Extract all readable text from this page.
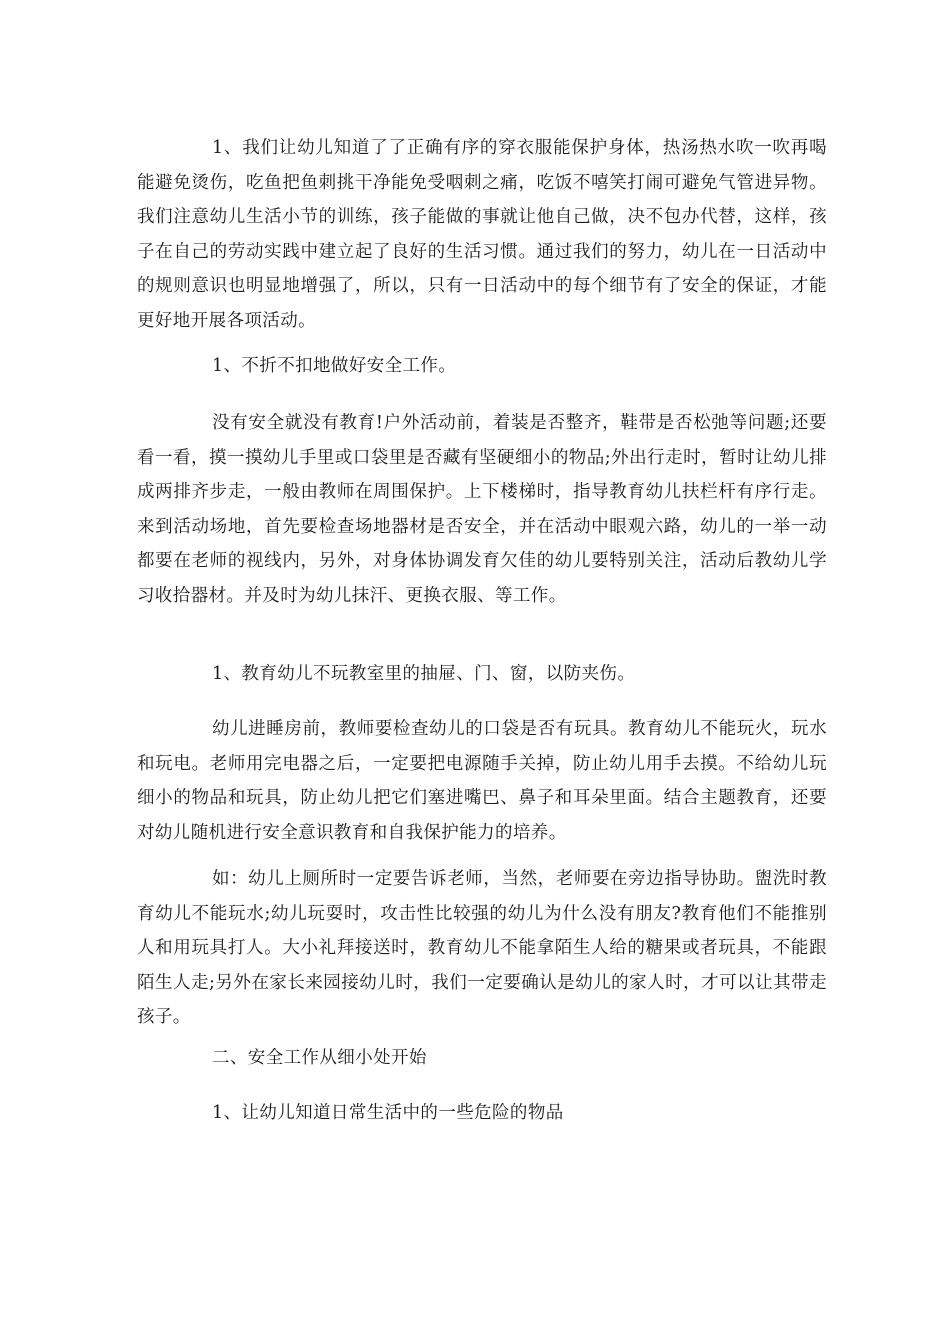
1、我们让幼儿知道了了正确有序的穿衣服能保护身体，热汤热水吹一吹再喝能避免烫伤，吃鱼把鱼刺挑干净能免受咽刺之痛，吃饭不嘻笑打闹可避免气管进异物。我们注意幼儿生活小节的训练，孩子能做的事就让他自己做，决不包办代替，这样，孩子在自己的劳动实践中建立起了良好的生活习惯。通过我们的努力，幼儿在一日活动中的规则意识也明显地增强了，所以，只有一日活动中的每个细节有了安全的保证，才能更好地开展各项活动。

1、不折不扣地做好安全工作。

没有安全就没有教育!户外活动前，着装是否整齐，鞋带是否松弛等问题;还要看一看，摸一摸幼儿手里或口袋里是否藏有坚硬细小的物品;外出行走时，暂时让幼儿排成两排齐步走，一般由教师在周围保护。上下楼梯时，指导教育幼儿扶栏杆有序行走。来到活动场地，首先要检查场地器材是否安全，并在活动中眼观六路，幼儿的一举一动都要在老师的视线内，另外，对身体协调发育欠佳的幼儿要特别关注，活动后教幼儿学习收拾器材。并及时为幼儿抹汗、更换衣服、等工作。

1、教育幼儿不玩教室里的抽屉、门、窗，以防夹伤。

幼儿进睡房前，教师要检查幼儿的口袋是否有玩具。教育幼儿不能玩火，玩水和玩电。老师用完电器之后，一定要把电源随手关掉，防止幼儿用手去摸。不给幼儿玩细小的物品和玩具，防止幼儿把它们塞进嘴巴、鼻子和耳朵里面。结合主题教育，还要对幼儿随机进行安全意识教育和自我保护能力的培养。

如：幼儿上厕所时一定要告诉老师，当然，老师要在旁边指导协助。盥洗时教育幼儿不能玩水;幼儿玩耍时，攻击性比较强的幼儿为什么没有朋友?教育他们不能推别人和用玩具打人。大小礼拜接送时，教育幼儿不能拿陌生人给的糖果或者玩具，不能跟陌生人走;另外在家长来园接幼儿时，我们一定要确认是幼儿的家人时，才可以让其带走孩子。

二、安全工作从细小处开始

1、让幼儿知道日常生活中的一些危险的物品
